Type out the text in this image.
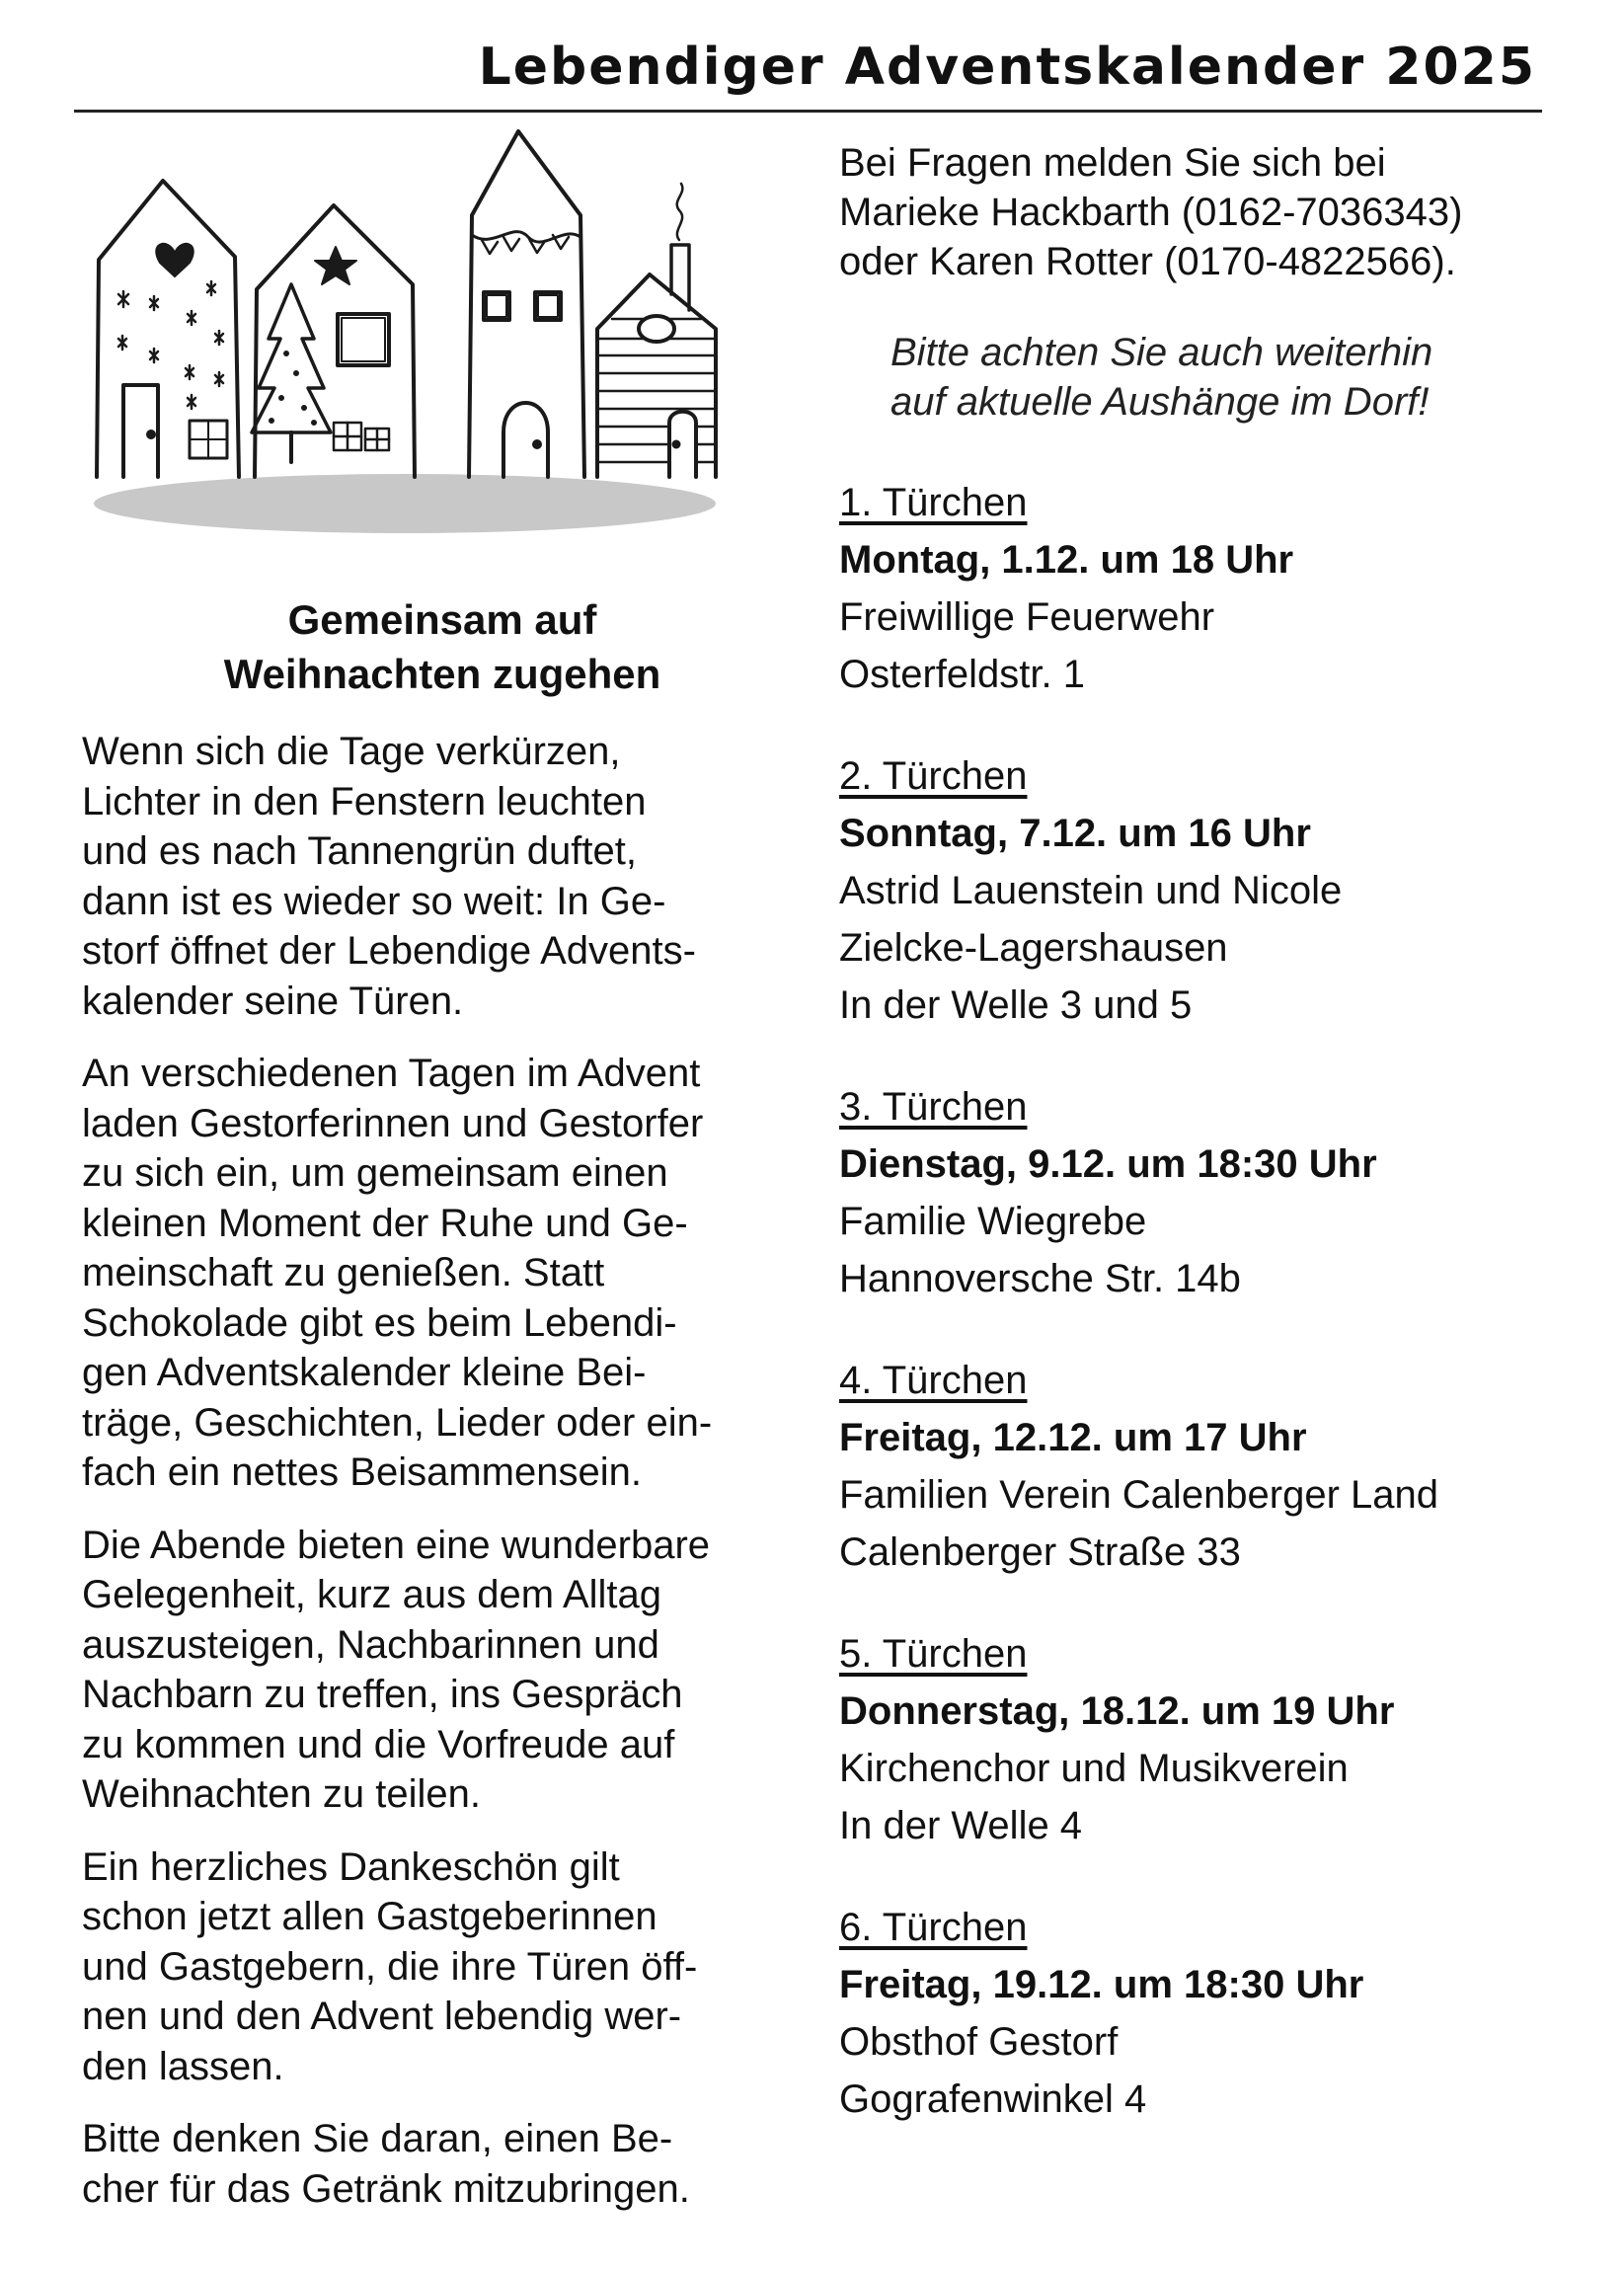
Lebendiger Adventskalender 2025
Gemeinsam auf
Weihnachten zugehen

Wenn sich die Tage verkürzen,
Lichter in den Fenstern leuchten
und es nach Tannengrün duftet,
dann ist es wieder so weit: In Ge-
storf öffnet der Lebendige Advents-
kalender seine Türen.

An verschiedenen Tagen im Advent
laden Gestorferinnen und Gestorfer
zu sich ein, um gemeinsam einen
kleinen Moment der Ruhe und Ge-
meinschaft zu genießen. Statt
Schokolade gibt es beim Lebendi-
gen Adventskalender kleine Bei-
träge, Geschichten, Lieder oder ein-
fach ein nettes Beisammensein.

Die Abende bieten eine wunderbare
Gelegenheit, kurz aus dem Alltag
auszusteigen, Nachbarinnen und
Nachbarn zu treffen, ins Gespräch
zu kommen und die Vorfreude auf
Weihnachten zu teilen.

Ein herzliches Dankeschön gilt
schon jetzt allen Gastgeberinnen
und Gastgebern, die ihre Türen öff-
nen und den Advent lebendig wer-
den lassen.

Bitte denken Sie daran, einen Be-
cher für das Getränk mitzubringen.

Bei Fragen melden Sie sich bei
Marieke Hackbarth (0162-7036343)
oder Karen Rotter (0170-4822566).

Bitte achten Sie auch weiterhin
auf aktuelle Aushänge im Dorf!

1. Türchen
Montag, 1.12. um 18 Uhr
Freiwillige Feuerwehr
Osterfeldstr. 1
2. Türchen
Sonntag, 7.12. um 16 Uhr
Astrid Lauenstein und Nicole
Zielcke-Lagershausen
In der Welle 3 und 5
3. Türchen
Dienstag, 9.12. um 18:30 Uhr
Familie Wiegrebe
Hannoversche Str. 14b
4. Türchen
Freitag, 12.12. um 17 Uhr
Familien Verein Calenberger Land
Calenberger Straße 33
5. Türchen
Donnerstag, 18.12. um 19 Uhr
Kirchenchor und Musikverein
In der Welle 4
6. Türchen
Freitag, 19.12. um 18:30 Uhr
Obsthof Gestorf
Gografenwinkel 4
